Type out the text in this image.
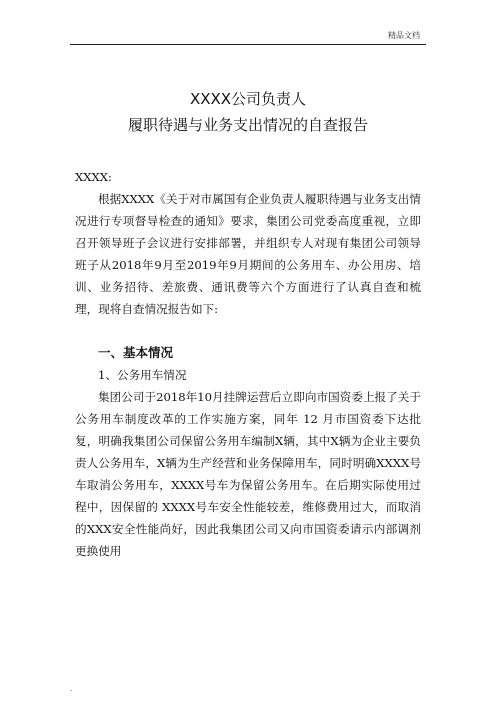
精品文档
XXXX公司负责人
履职待遇与业务支出情况的自查报告
XXXX:
根据XXXX《关于对市属国有企业负责人履职待遇与业务支出情况进行专项督导检查的通知》要求，集团公司党委高度重视，立即召开领导班子会议进行安排部署，并组织专人对现有集团公司领导班子从2018年9月至2019年9月期间的公务用车、办公用房、培训、业务招待、差旅费、通讯费等六个方面进行了认真自查和梳理，现将自查情况报告如下:
一、基本情况
1、公务用车情况
集团公司于2018年10月挂牌运营后立即向市国资委上报了关于公务用车制度改革的工作实施方案，同年 12 月市国资委下达批复，明确我集团公司保留公务用车编制X辆，其中X辆为企业主要负责人公务用车，X辆为生产经营和业务保障用车，同时明确XXXX号车取消公务用车，XXXX号车为保留公务用车。在后期实际使用过程中，因保留的 XXXX号车安全性能较差，维修费用过大，而取消的XXX安全性能尚好，因此我集团公司又向市国资委请示内部调剂更换使用
.
